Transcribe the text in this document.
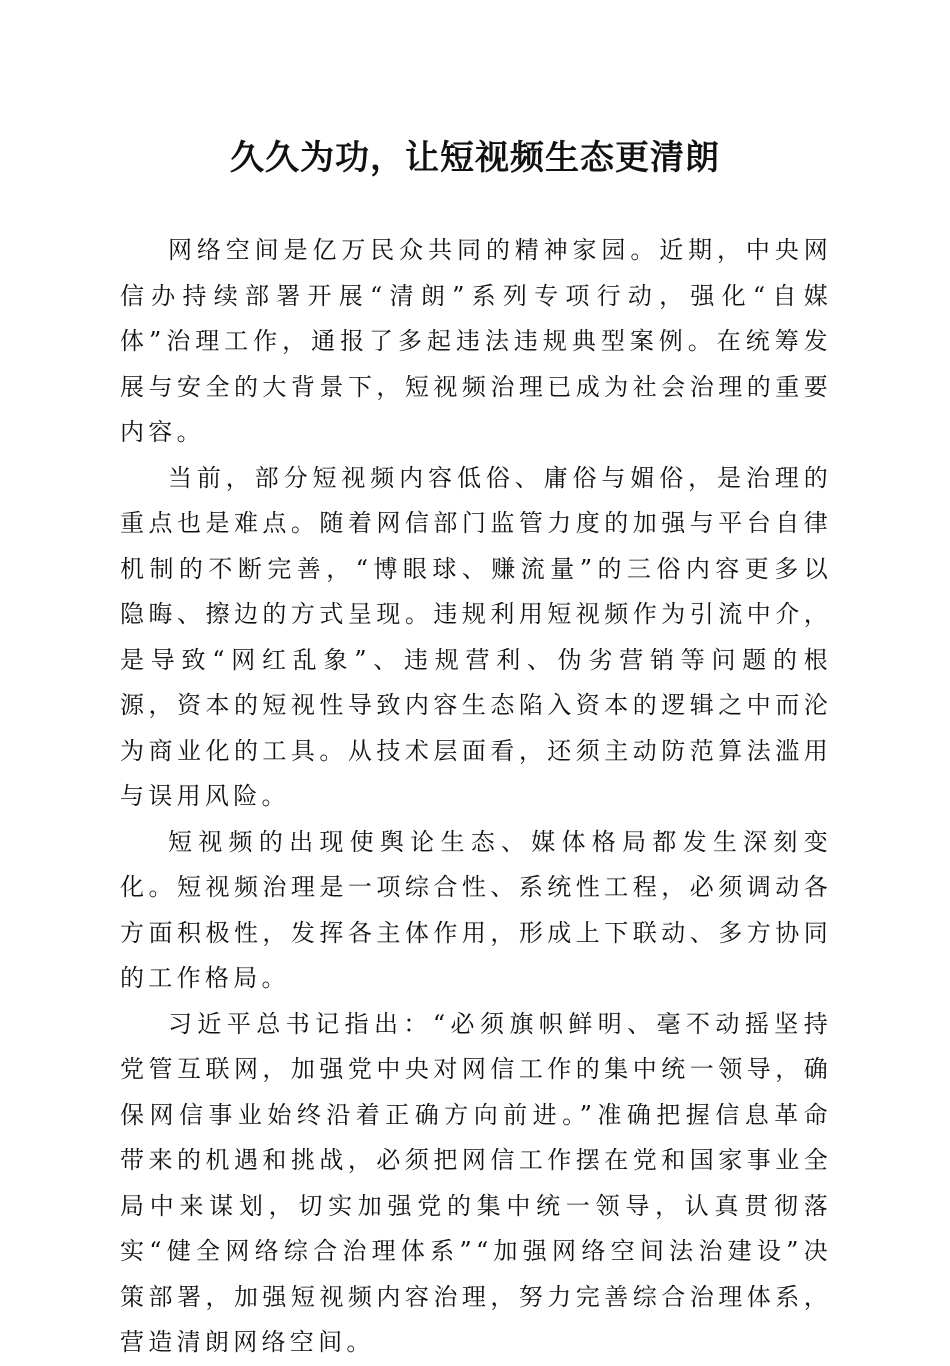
久久为功，让短视频生态更清朗

网络空间是亿万民众共同的精神家园。近期，中央网信办持续部署开展“清朗”系列专项行动，强化“自媒体”治理工作，通报了多起违法违规典型案例。在统筹发展与安全的大背景下，短视频治理已成为社会治理的重要内容。

当前，部分短视频内容低俗、庸俗与媚俗，是治理的重点也是难点。随着网信部门监管力度的加强与平台自律机制的不断完善，“博眼球、赚流量”的三俗内容更多以隐晦、擦边的方式呈现。违规利用短视频作为引流中介，是导致“网红乱象”、违规营利、伪劣营销等问题的根源，资本的短视性导致内容生态陷入资本的逻辑之中而沦为商业化的工具。从技术层面看，还须主动防范算法滥用与误用风险。

短视频的出现使舆论生态、媒体格局都发生深刻变化。短视频治理是一项综合性、系统性工程，必须调动各方面积极性，发挥各主体作用，形成上下联动、多方协同的工作格局。

习近平总书记指出：“必须旗帜鲜明、毫不动摇坚持党管互联网，加强党中央对网信工作的集中统一领导，确保网信事业始终沿着正确方向前进。”准确把握信息革命带来的机遇和挑战，必须把网信工作摆在党和国家事业全局中来谋划，切实加强党的集中统一领导，认真贯彻落实“健全网络综合治理体系”“加强网络空间法治建设”决策部署，加强短视频内容治理，努力完善综合治理体系，营造清朗网络空间。
